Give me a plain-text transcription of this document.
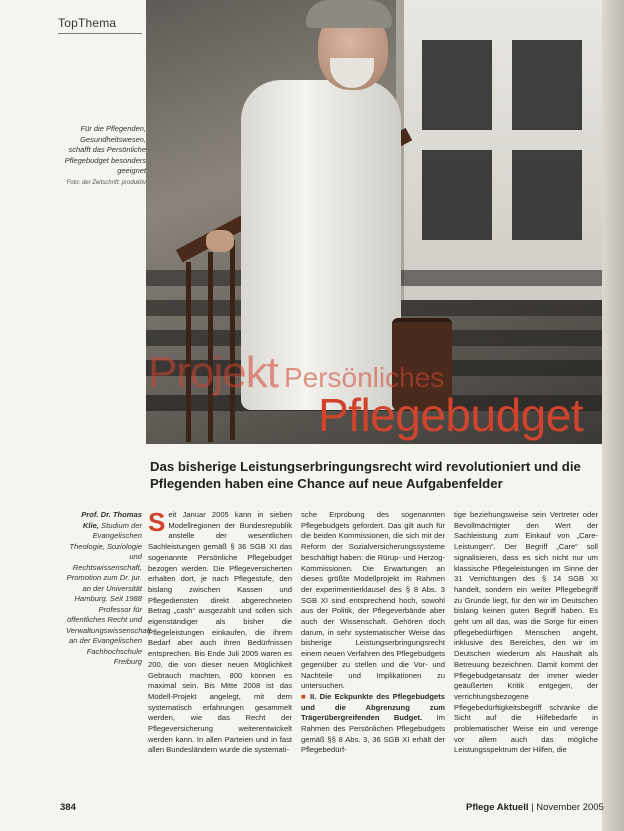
TopThema
Für die Pflegenden, Gesundheitswesen, schafft das Persönliche Pflegebudget besonders geeignet
Foto: der Zeitschrift: produktiv
Projekt Persönliches
Pflegebudget
Das bisherige Leistungserbringungsrecht wird revolutioniert und die Pflegenden haben eine Chance auf neue Aufgabenfelder
Prof. Dr. Thomas Klie, Studium der Evangelischen Theologie, Soziologie und Rechtswissenschaft, Promotion zum Dr. jur. an der Universität Hamburg. Seit 1988 Professor für öffentliches Recht und Verwaltungswissenschaft an der Evangelischen Fachhochschule Freiburg
Seit Januar 2005 kann in sieben Modellregionen der Bundesrepublik anstelle der wesentlichen Sachleistungen gemäß § 36 SGB XI das sogenannte Persönliche Pflegebudget bezogen werden. Die Pflegeversicherten erhalten dort, je nach Pflegestufe, den bislang zwischen Kassen und Pflegediensten direkt abgerechneten Betrag „cash“ ausgezahlt und sollen sich eigenständiger als bisher die Pflegeleistungen einkaufen, die ihrem Bedarf aber auch ihren Bedürfnissen entsprechen. Bis Ende Juli 2005 waren es 200, die von dieser neuen Möglichkeit Gebrauch machten, 800 können es maximal sein. Bis Mitte 2008 ist das Modell-Projekt angelegt, mit dem systematisch erfahrungen gesammelt werden, wie das Recht der Pflegeversicherung weiterentwickelt werden kann. In allen Parteien und in fast allen Bundesländern wurde die systemati-
sche Erprobung des sogenannten Pflegebudgets gefordert. Das gilt auch für die beiden Kommissionen, die sich mit der Reform der Sozialversicherungssysteme beschäftigt haben: die Rürup- und Herzog-Kommissionen. Die Erwartungen an dieses größte Modellprojekt im Rahmen der experimentierklausel des § 8 Abs. 3 SGB XI sind entsprechend hoch, sowohl aus der Politik, der Pflegeverbände aber auch der Wissenschaft. Gehören doch darum, in sehr systematischer Weise das bisherige Leistungserbringungsrecht einem neuen Verfahren des Pflegebudgets gegenüber zu stellen und die Vor- und Nachteile und Implikationen zu untersuchen.
■ II. Die Eckpunkte des Pflegebudgets und die Abgrenzung zum Trägerübergreifenden Budget. Im Rahmen des Persönlichen Pflegebudgets gemäß §§ 8 Abs. 3, 36 SGB XI erhält der Pflegebedürf-
tige beziehungsweise sein Vertreter oder Bevollmächtigter den Wert der Sachleistung zum Einkauf von „Care-Leistungen“. Der Begriff „Care“ soll signalisieren, dass es sich nicht nur um klassische Pflegeleistungen im Sinne der 31 Verrichtungen des § 14 SGB XI handelt, sondern ein weiter Pflegebegriff zu Grunde liegt, für den wir im Deutschen bislang keinen guten Begriff haben. Es geht um all das, was die Sorge für einen pflegebedürftigen Menschen angeht, inklusive des Bereiches, den wir im Deutschen wiederum als Haushalt als Betreuung bezeichnen. Damit kommt der Pflegebudgetansatz der immer wieder geäußerten Kritik entgegen, der verrichtungsbezogene Pflegebedürftigkeitsbegriff schränke die Sicht auf die Hilfebedarfe in problematischer Weise ein und verenge vor allem auch das mögliche Leistungsspektrum der Hilfen, die
384	Pflege Aktuell | November 2005
